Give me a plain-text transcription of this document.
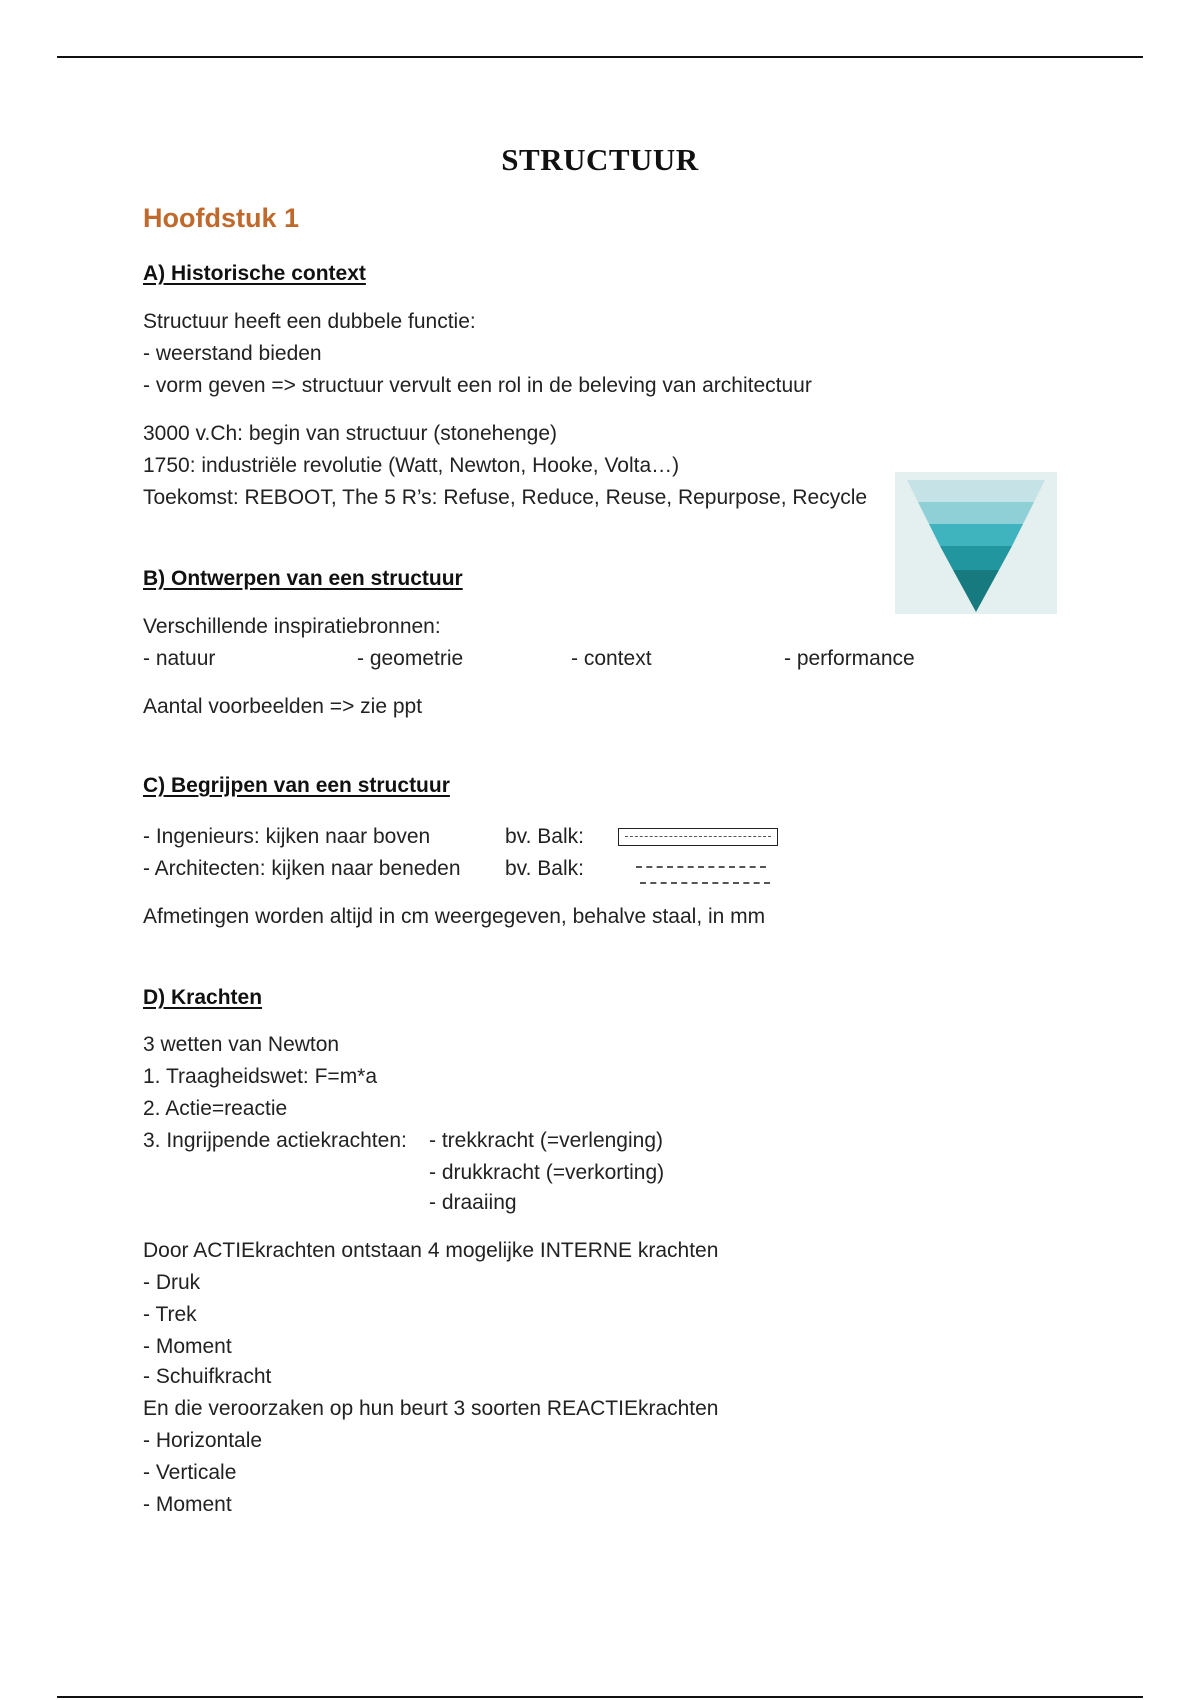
STRUCTUUR
Hoofdstuk 1
A) Historische context
Structuur heeft een dubbele functie:
- weerstand bieden
- vorm geven => structuur vervult een rol in de beleving van architectuur
3000 v.Ch: begin van structuur (stonehenge)
1750: industriële revolutie (Watt, Newton, Hooke, Volta…)
Toekomst: REBOOT, The 5 R’s: Refuse, Reduce, Reuse, Repurpose, Recycle
B) Ontwerpen van een structuur
Verschillende inspiratiebronnen:
- natuur	- geometrie	- context	- performance
Aantal voorbeelden => zie ppt
C) Begrijpen van een structuur
- Ingenieurs: kijken naar boven	bv. Balk:
- Architecten: kijken naar beneden bv. Balk:
Afmetingen worden altijd in cm weergegeven, behalve staal, in mm
D) Krachten
3 wetten van Newton
1. Traagheidswet: F=m*a
2. Actie=reactie
3. Ingrijpende actiekrachten: - trekkracht (=verlenging)
- drukkracht (=verkorting)
- draaiing
Door ACTIEkrachten ontstaan 4 mogelijke INTERNE krachten
- Druk
- Trek
- Moment
- Schuifkracht
En die veroorzaken op hun beurt 3 soorten REACTIEkrachten
- Horizontale
- Verticale
- Moment
